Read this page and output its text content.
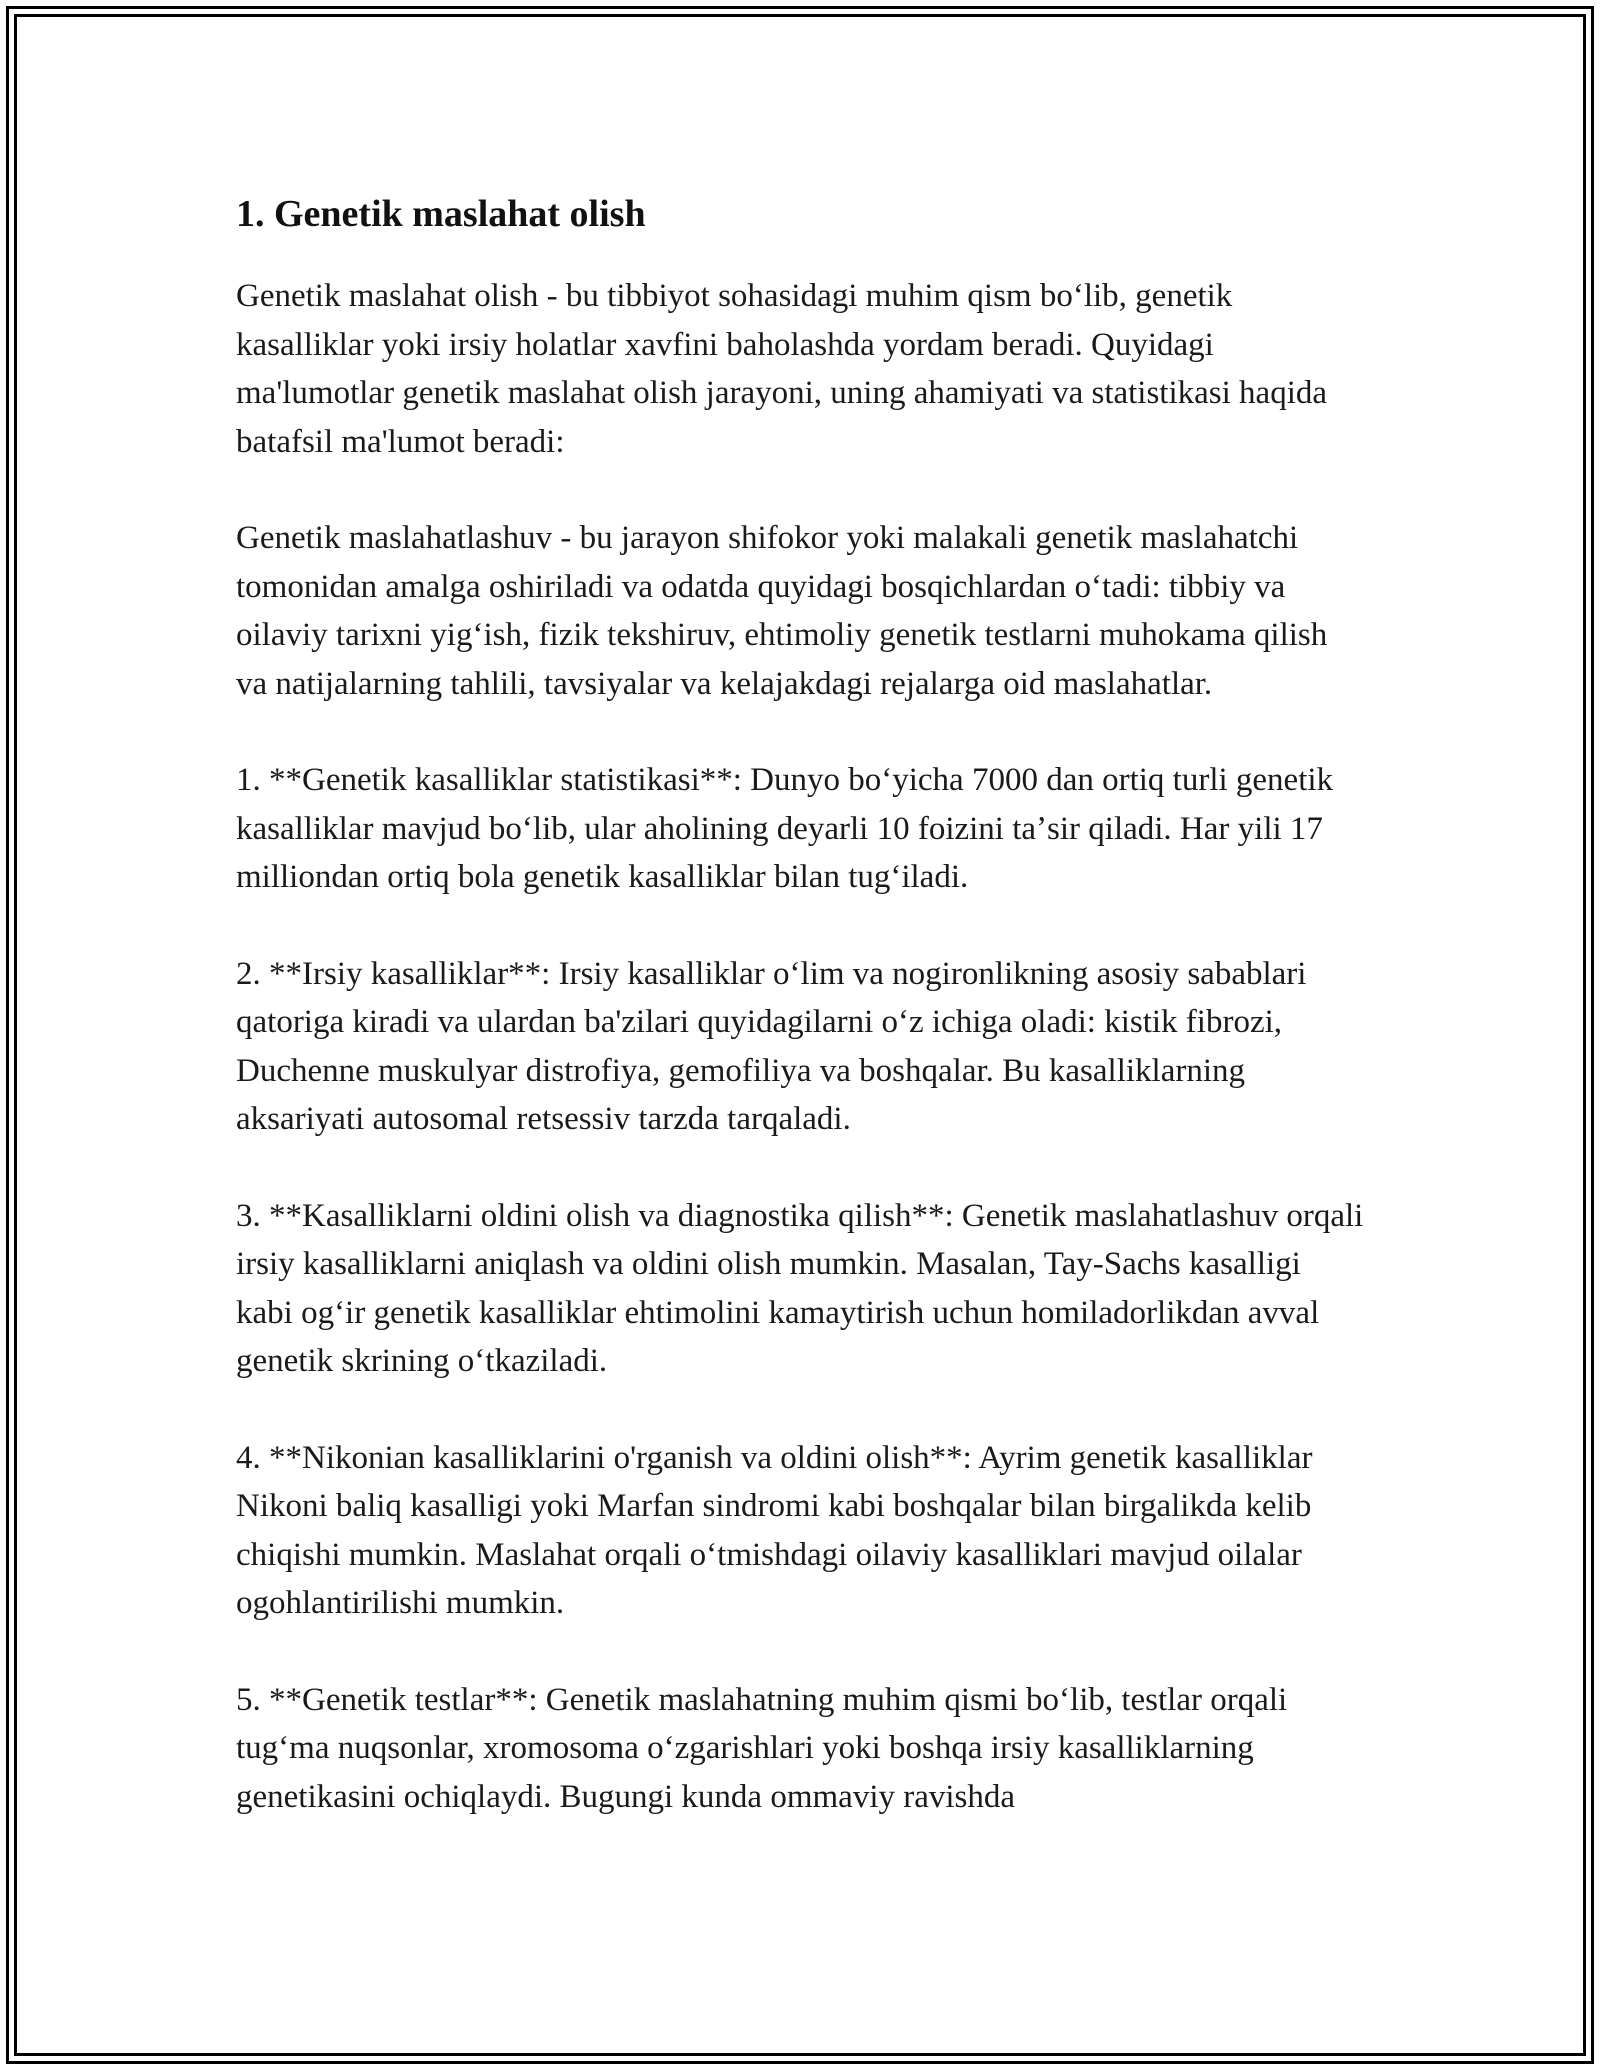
1. Genetik maslahat olish

Genetik maslahat olish - bu tibbiyot sohasidagi muhim qism boʻlib, genetik kasalliklar yoki irsiy holatlar xavfini baholashda yordam beradi. Quyidagi ma'lumotlar genetik maslahat olish jarayoni, uning ahamiyati va statistikasi haqida batafsil ma'lumot beradi:

Genetik maslahatlashuv - bu jarayon shifokor yoki malakali genetik maslahatchi tomonidan amalga oshiriladi va odatda quyidagi bosqichlardan oʻtadi: tibbiy va oilaviy tarixni yigʻish, fizik tekshiruv, ehtimoliy genetik testlarni muhokama qilish va natijalarning tahlili, tavsiyalar va kelajakdagi rejalarga oid maslahatlar.

1. **Genetik kasalliklar statistikasi**: Dunyo boʻyicha 7000 dan ortiq turli genetik kasalliklar mavjud boʻlib, ular aholining deyarli 10 foizini taʼsir qiladi. Har yili 17 milliondan ortiq bola genetik kasalliklar bilan tugʻiladi.

2. **Irsiy kasalliklar**: Irsiy kasalliklar oʻlim va nogironlikning asosiy sabablari qatoriga kiradi va ulardan ba'zilari quyidagilarni oʻz ichiga oladi: kistik fibrozi, Duchenne muskulyar distrofiya, gemofiliya va boshqalar. Bu kasalliklarning aksariyati autosomal retsessiv tarzda tarqaladi.

3. **Kasalliklarni oldini olish va diagnostika qilish**: Genetik maslahatlashuv orqali irsiy kasalliklarni aniqlash va oldini olish mumkin. Masalan, Tay-Sachs kasalligi kabi ogʻir genetik kasalliklar ehtimolini kamaytirish uchun homiladorlikdan avval genetik skrining oʻtkaziladi.

4. **Nikonian kasalliklarini o'rganish va oldini olish**: Ayrim genetik kasalliklar Nikoni baliq kasalligi yoki Marfan sindromi kabi boshqalar bilan birgalikda kelib chiqishi mumkin. Maslahat orqali oʻtmishdagi oilaviy kasalliklari mavjud oilalar ogohlantirilishi mumkin.

5. **Genetik testlar**: Genetik maslahatning muhim qismi boʻlib, testlar orqali tugʻma nuqsonlar, xromosoma oʻzgarishlari yoki boshqa irsiy kasalliklarning genetikasini ochiqlaydi. Bugungi kunda ommaviy ravishda
